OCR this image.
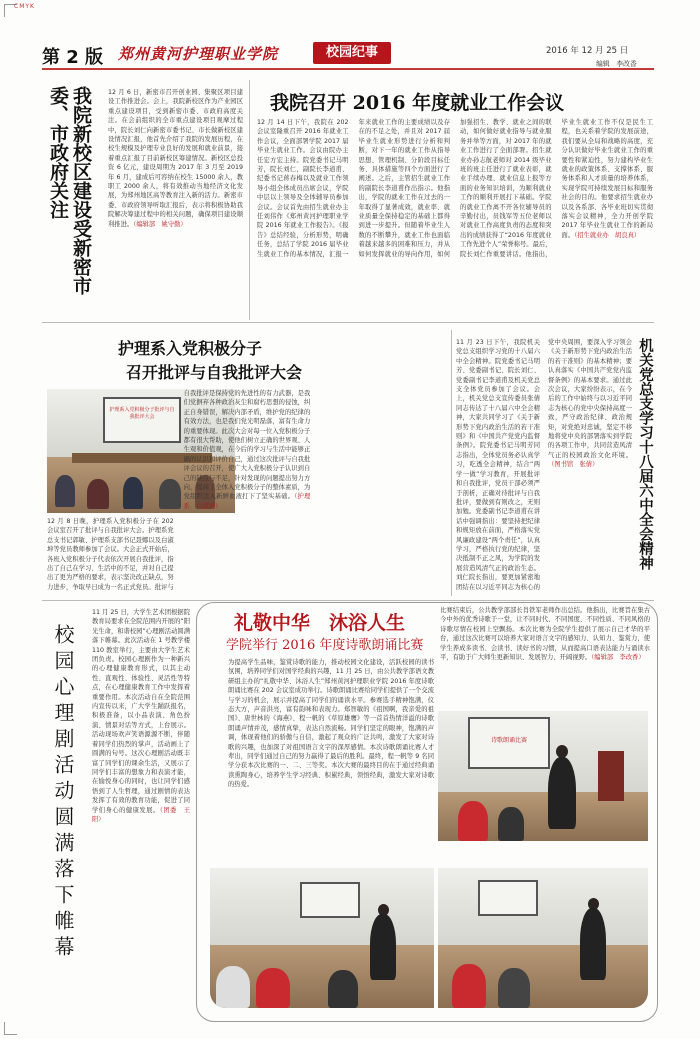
CMYK
第 2 版 郑州黄河护理职业学院	校园纪事	2016 年 12 月 25 日
编辑　李改香
我院新校区建设受新密市委、市政府关注	12 月 6 日，新密市召开创业园、集聚区项目建设工作推进会。会上，我院新校区作为产业园区重点建设项目，受到新密市委、市政府高度关注。在会前组织的全市重点建设项目观摩过程中，院长刘仁向新密市委书记、市长做新校区建设情况汇报，他首先介绍了我院的发展历程，在校生规模及护理专业良好的发展和就业前景，接着重点汇报了目前新校区筹建情况。新校区总投资 6 亿元，建设周期为 2017 年 3 月至 2019 年 6 月，建成后可容纳在校生 15000 余人，教职工 2000 余人，将有效推动当地经济文化发展，为郑州地区高等教育注入新的活力。新密市委、市政府领导听取汇报后，表示将积极协助我院解决筹建过程中的相关问题，确保项目建设顺利推进。（编辑部　姚守勤）
我院召开 2016 年度就业工作会议
12 月 14 日下午，我院在 202 会议室隆重召开 2016 年就业工作会议，全面部署学院 2017 届毕业生就业工作。会议由院办主任宏方宏主持。院党委书记马明芳，院长刘仁，副院长李道甫、纪委书记蒋春梅以及就业工作领导小组全体成员出席会议，学院中层以上领导及全体辅导员参加会议。会议首先由招生就业办主任刘伟作《郑州黄河护理职业学院 2016 年就业工作报告》。《报告》总结经验，分析形势，明确任务，总结了学院 2016 届毕业生就业工作的基本情况，汇报一年来就业工作的主要成绩以及存在的不足之处，并且对 2017 届毕业生就业形势进行分析和判断，对下一年的就业工作从指导思想、管理机制、分阶段目标任务、具体措施等四个方面进行了阐述。之后，主管招生就业工作的副院长李道甫作出指示。他指出，学院的就业工作在过去的一年取得了显著成效，就业率、就业质量全保持稳定的基础上都得到进一步提升。但随着毕业生人数的不断攀升，就业工作也面临着越来越多的困难和压力，并从如何发挥就业的导向作用，如何加强招生、教学、就业之间的联动，如何做好就业指导与就业服务并举等方面，对 2017 年的就业工作进行了全面部署。招生就业办孙志航老师对 2014 级毕业班的班主任进行了就业表彰，就业手续办理、就业信息上报等方面的业务知识培训，为顺利就业工作的顺利开展打下基础。学院的就业工作离不开各位辅导员的辛勤付出，员钱军等五位老师以对就业工作高度负责的态度和突出的成绩获得了“2016 年度就业工作先进个人”荣誉称号。最后，院长刘仁作重要讲话。他指出，毕业生就业工作不仅是民生工程，也关系着学院的发展前途，我们要从全局和战略的高度，充分认识做好毕业生就业工作的重要性和紧迫性，努力建构毕业生就业的政策体系、支撑体系、服务体系和人才质量的培养体系，实现学院可持续发展目标和服务社会的目的。他要求招生就业办以及各系部、各毕业班切实贯彻落实会议精神，全力开创学院 2017 年毕业生就业工作的新局面。（招生就业办　胡良真）
护理系入党积极分子
召开批评与自我批评大会
护理系入党积极分子批评与自我批评大会
12 月 8 日晚，护理系入党积极分子在 202 会议室召开了批评与自我批评大会。护理系党总支书记郭敏、护理系支部书记聂娜以及白淑坤等党员教师参加了会议。大会正式开始后，各班入党积极分子代表依次开展自我批评，指出了自己在学习、生活中的不足，并对自己提出了更为严格的要求，表示坚决改正缺点，努力进步，争取早日成为一名正式党员。批评与自我批评是保持党的先进性的有力武器，是我们党摒弃各种政治灰尘和腐朽思想的侵蚀，纠正自身错误，解决内部矛盾，维护党的纪律的有效方法，也是我们党光明磊落，富有生命力的重要体现。此次大会对每一位入党积极分子都有很大帮助，使他们树立正确的世界观、人生观和价值观，在今后的学习与生活中能够正确的认识和评价自己，通过这次批评与自我批评会议的召开，使广大入党积极分子认识到自己的缺点与不足，针对发现的问题提出努力方向，提高了全体入党积极分子的整体素质，为党组织注入新鲜血液打下了坚实基础。（护理系　白淑坤）
11 月 23 日下午，我院机关党总支组织学习党的十八届六中全会精神。院党委书记马明芳、党委副书记、院长刘仁、党委副书记李道甫及机关党总支全体党员参加了会议。会上，机关党总支宣传委员张倩同志传达了十八届六中全会精神，大家共同学习了《关于新形势下党内政治生活的若干准则》和《中国共产党党内监督条例》。院党委书记马明芳同志指出，全体党员务必认真学习，吃透全会精神，结合“两学一做”学习教育，开展批评和自我批评，党员干部必须严于剖析，正确对待批评与自我批评，要做到有则改之，无则加勉。党委副书记李道甫在讲话中强调指出：要坚持把纪律和规矩放在前面，严格落实党风廉政建设“两个责任”，认真学习，严格执行党的纪律，坚决抵制不正之风，为学院的发展营造风清气正的政治生态。刘仁院长指出，要更加紧密地团结在以习近平同志为核心的党中央周围，要深入学习领会《关于新形势下党内政治生活的若干准则》的基本精神；要认真落实《中国共产党党内监督条例》的基本要求。通过此次会议，大家纷纷表示，在今后的工作中始终与以习近平同志为核心的党中央保持高度一致，严守政治纪律、政治规矩，对党绝对忠诚，坚定不移地将党中央的部署落实到学院的各项工作中，共同营造风清气正的校园政治文化环境。（图书馆　张倩）	机关党总支学习十八届六中全会精神
校园心理剧活动圆满落下帷幕
11 月 25 日，大学生艺术团根据院教育局要求在全院范围内开展的“阳光生命，和谐校园”心理剧活动圆满落下帷幕。此次活动在 1 号教学楼 110 教室举行，主要由大学生艺术团负责。校园心理剧作为一种新兴的心理健康教育形式，以其主动性、直观性、体验性、灵活性等特点，在心理健康教育工作中发挥着重要作用。本次活动自在全院范围内宣传以来，广大学生踊跃报名，积极准备，以小品表演、角色扮演、情景对话等方式，上台展示。活动现场欢声笑语源源不断，伴随着同学们热烈的掌声，活动画上了圆满的句号。这次心理剧活动既丰富了同学们的课余生活，又展示了同学们丰富的想象力和表演才能，在愉悦身心的同时，也让同学们感悟到了人生哲理，通过剧情的表达发挥了有效的教育功能，促进了同学们身心的健康发展。（团委　王阳）
礼敬中华　沐浴人生
学院举行 2016 年度诗歌朗诵比赛
为提高学生品味，鉴赏诗歌的能力，推动校园文化建设，活跃校园的读书氛围，培养同学们对国学经典的兴趣，11 月 25 日，由公共教学部语文教研组主办的“礼敬中华、沐浴人生”郑州黄河护理职业学院 2016 年度诗歌朗诵比赛在 202 会议室成功举行。诗歌朗诵比赛给同学们提供了一个交流与学习的机会，展示并提高了同学们的诵读水平。参赛选手精神饱满，仪态大方，声音洪亮，富有韵味和表现力。郑智敏的《祖国啊，我亲爱的祖国》、唐世林的《海燕》、程一帆的《草原雄鹰》等一首首热情洋溢的诗歌朗诵声情并茂，感情真挚，表达自然流畅。同学们坚定的眼神，饱满的声调，体现着他们的骄傲与自信，激起了观众的广泛共鸣，激发了大家对诗歌的兴趣，也加深了对祖国语言文字的深厚感情。本次诗歌朗诵比赛人才辈出，同学们通过自己的努力赢得了最后的胜利。最终，程一帆等 9 名同学分获本次比赛的一、二、三等奖。本次大赛的最终目的在于通过经典诵读熏陶身心，培养学生学习经典、积累经典，领悟经典，激发大家对诗歌的热爱。
比赛结束后，公共教学部部长肖铁军老师作出总结。他指出，比赛旨在集古今中外的优秀诗歌于一堂，让不同时代、不同国度、不同性质、不同风格的诗歌尽情在校园上空飘扬。本次比赛为全院学生提供了展示自己才华的平台，通过这次比赛可以培养大家对语言文字的感知力、认知力、鉴赏力，使学生养成多读书、会读书、读好书的习惯，从而提高口语表达能力与诵读水平，有助于广大师生更新知识、发展智力、开阔视野。（编辑部　李改香）
诗歌朗诵比赛
